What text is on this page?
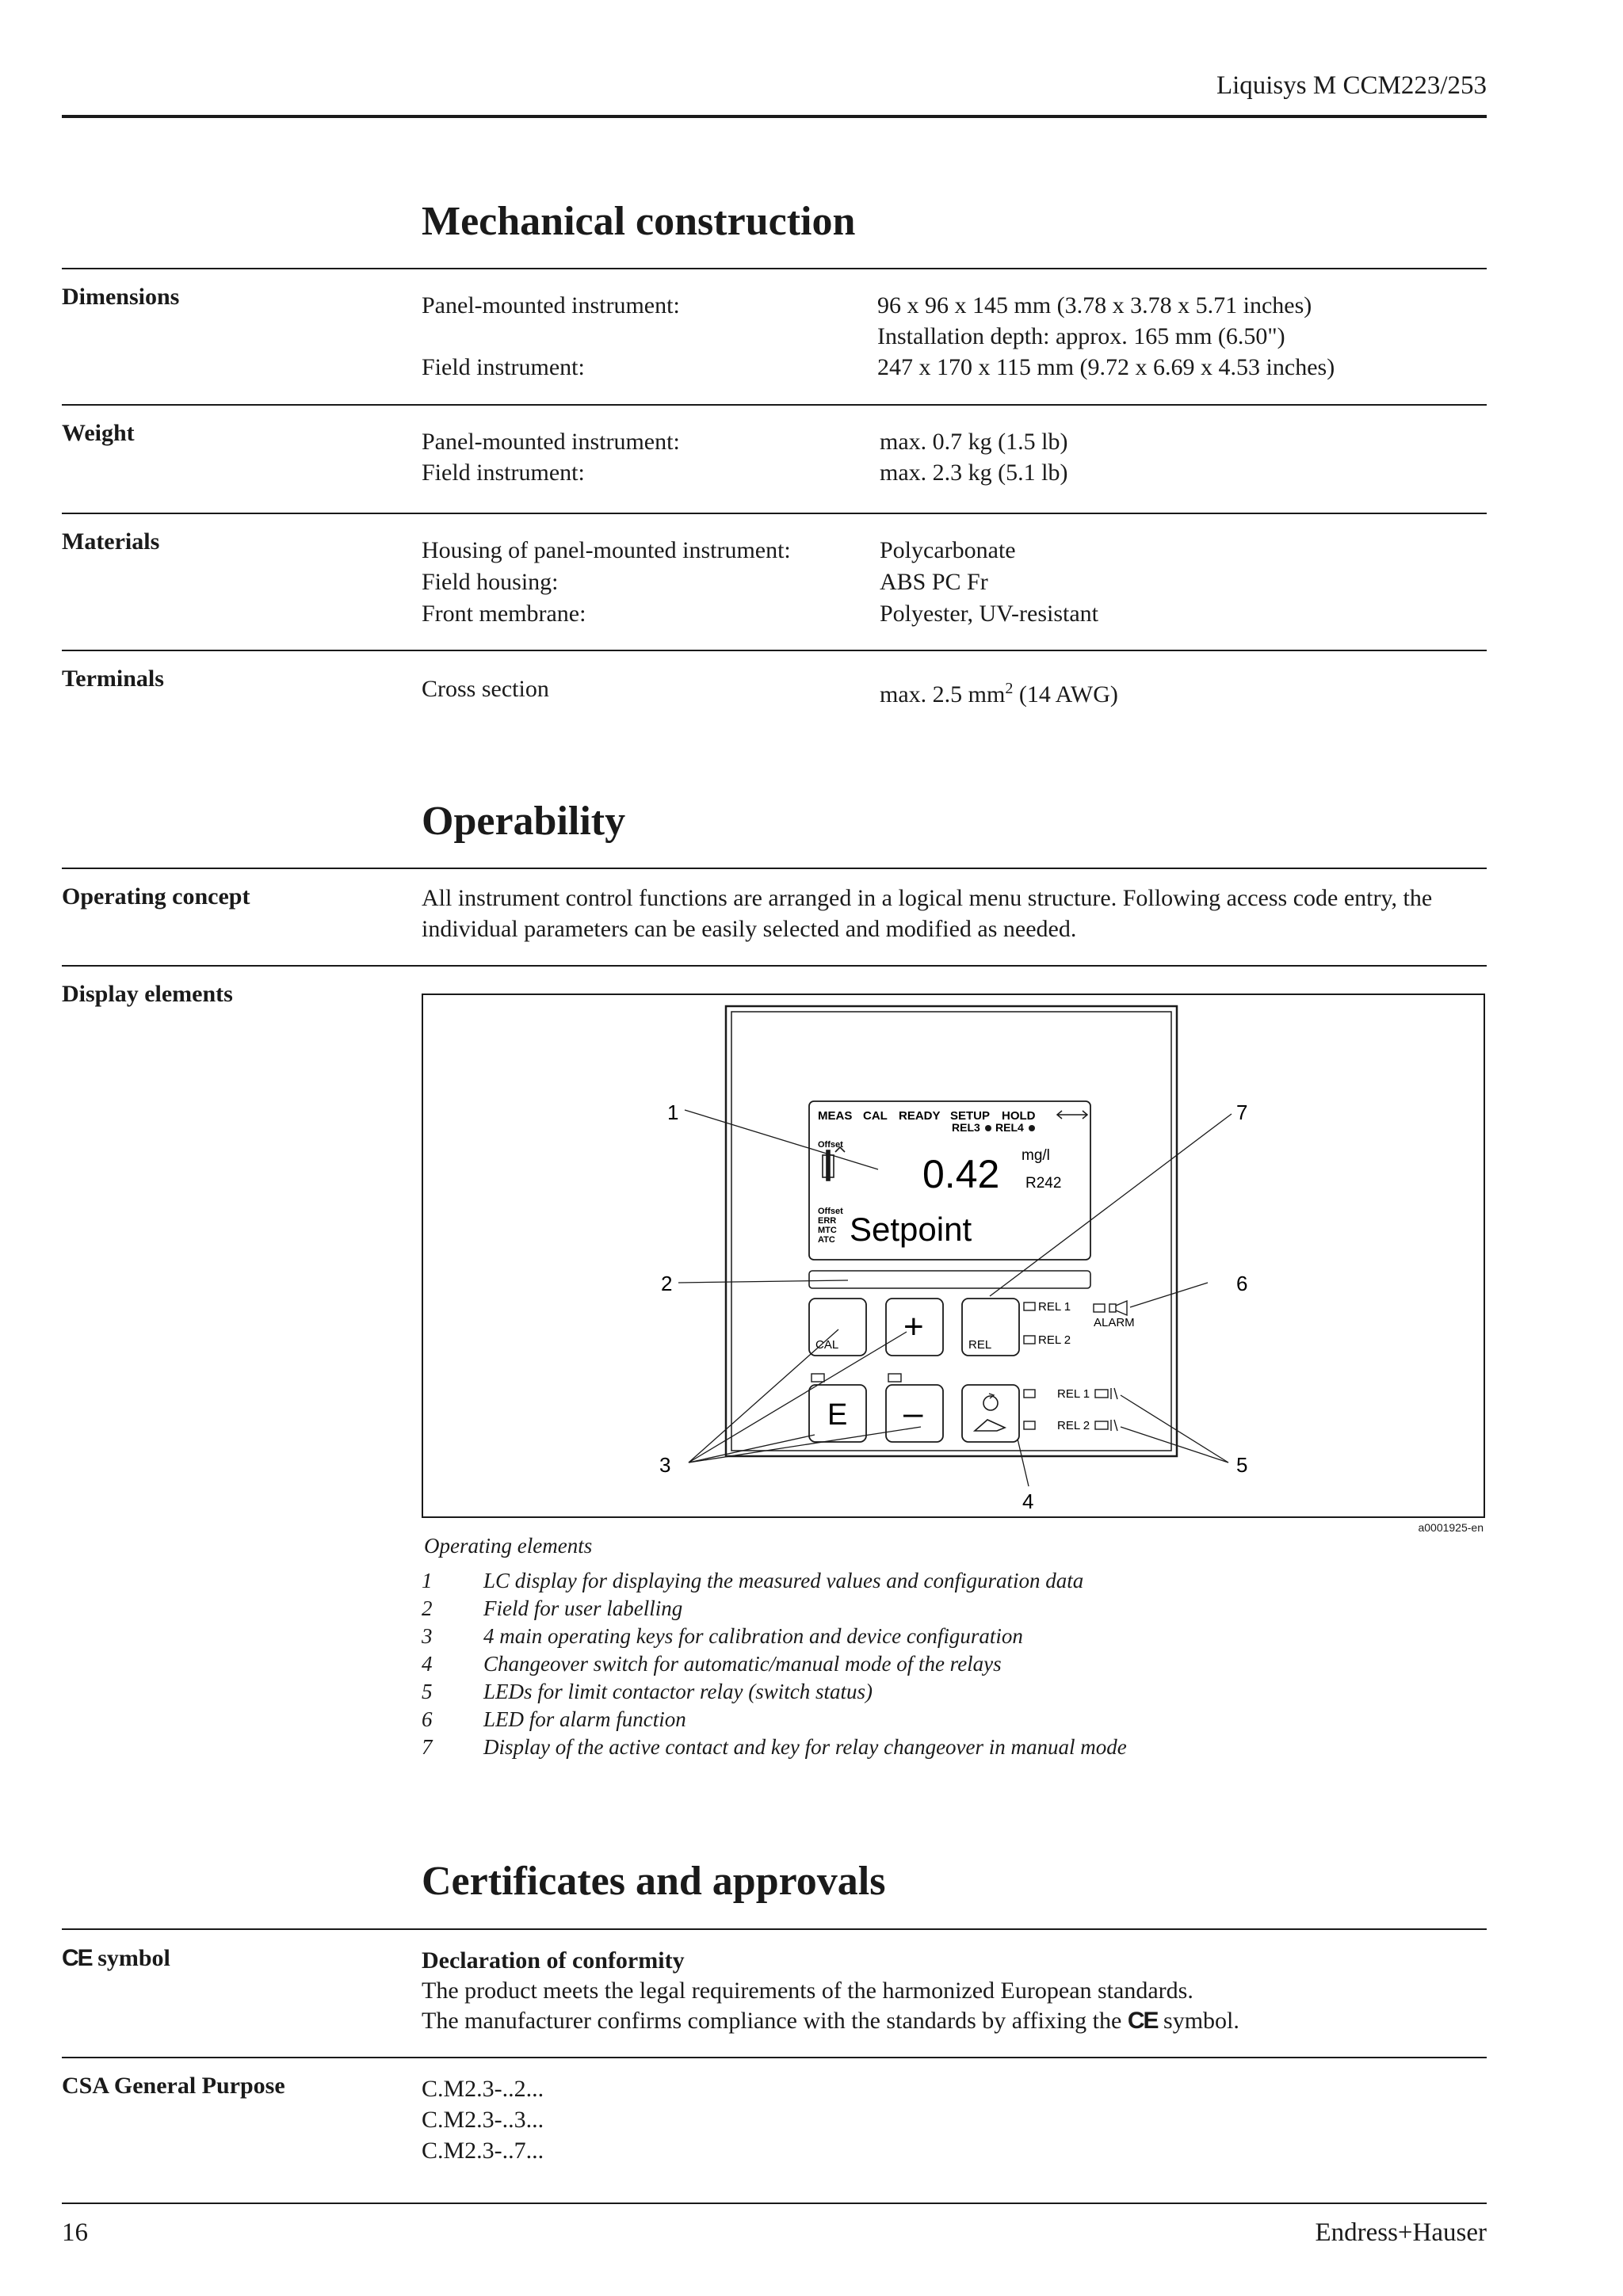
Liquisys M CCM223/253
Mechanical construction
Dimensions	Panel-mounted instrument:	96 x 96 x 145 mm (3.78 x 3.78 x 5.71 inches)
Installation depth: approx. 165 mm (6.50")
Field instrument:	247 x 170 x 115 mm (9.72 x 6.69 x 4.53 inches)
Weight	Panel-mounted instrument:	max. 0.7 kg (1.5 lb)
Field instrument:	max. 2.3 kg (5.1 lb)
Materials	Housing of panel-mounted instrument:	Polycarbonate
Field housing:	ABS PC Fr
Front membrane:	Polyester, UV-resistant
Terminals	Cross section	max. 2.5 $mm^2$ (14 AWG)
Operability
Operating concept	All instrument control functions are arranged in a logical menu structure. Following access code entry, the individual parameters can be easily selected and modified as needed.
Display elements
MEAS CAL READY SETUP HOLD
REL3 REL4
Offset
0.42 mg/l
R242
Offset
ERR
MTC
ATC Setpoint
CAL +	REL
REL 1
REL 2
ALARM
E –	REL 1
REL 2
1
2
3
4
5
6
7
a0001925-en
Operating elements
1 LC display for displaying the measured values and configuration data
2 Field for user labelling
3 4 main operating keys for calibration and device configuration
4 Changeover switch for automatic/manual mode of the relays
5 LEDs for limit contactor relay (switch status)
6 LED for alarm function
7 Display of the active contact and key for relay changeover in manual mode
Certificates and approvals
CE symbol	Declaration of conformity
The product meets the legal requirements of the harmonized European standards.
The manufacturer confirms compliance with the standards by affixing the CE symbol.
CSA General Purpose	C.M2.3-..2...
C.M2.3-..3...
C.M2.3-..7...
16	Endress+Hauser
